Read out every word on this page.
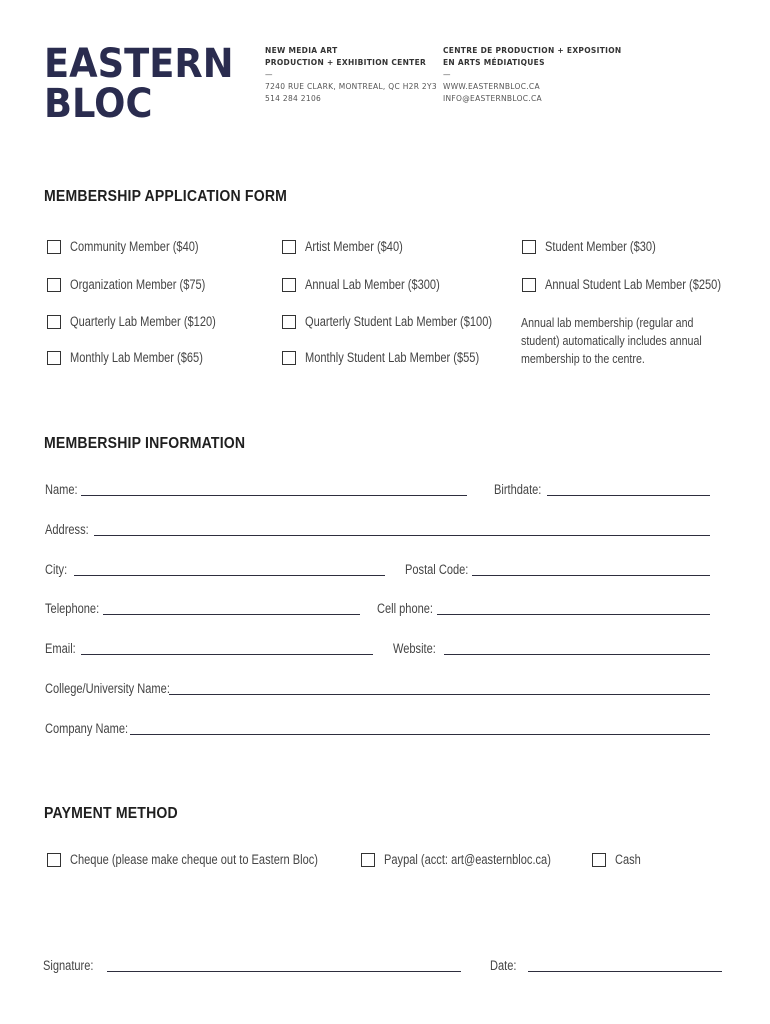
EASTERN
BLOC
NEW MEDIA ART
PRODUCTION + EXHIBITION CENTER
—
7240 RUE CLARK, MONTREAL, QC H2R 2Y3
514 284 2106
CENTRE DE PRODUCTION + EXPOSITION
EN ARTS MÉDIATIQUES
—
WWW.EASTERNBLOC.CA
INFO@EASTERNBLOC.CA
MEMBERSHIP APPLICATION FORM
Community Member ($40)	Artist Member ($40)	Student Member ($30)
Organization Member ($75)	Annual Lab Member ($300)	Annual Student Lab Member ($250)
Quarterly Lab Member ($120)	Quarterly Student Lab Member ($100)
Monthly Lab Member ($65)	Monthly Student Lab Member ($55)
Annual lab membership (regular and student) automatically includes annual membership to the centre.
MEMBERSHIP INFORMATION
Name:	Birthdate:
Address:
City:	Postal Code:
Telephone:	Cell phone:
Email:	Website:
College/University Name:
Company Name:
PAYMENT METHOD
Cheque (please make cheque out to Eastern Bloc)	Paypal (acct: art@easternbloc.ca)	Cash
Signature:	Date:
